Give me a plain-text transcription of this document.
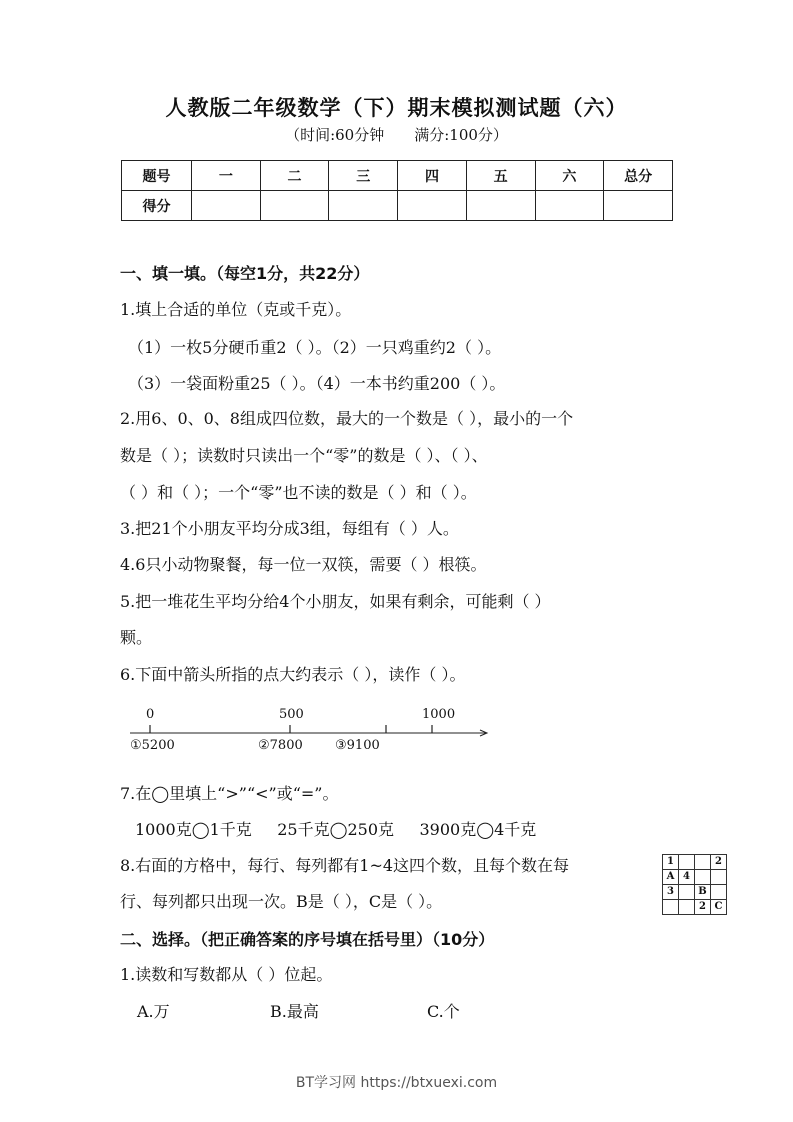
人教版二年级数学（下）期末模拟测试题（六）
（时间:60分钟 满分:100分）
题号	一	二	三	四	五	六	总分
得分							
一、填一填。（每空1分，共22分）
1.填上合适的单位（克或千克）。
（1）一枚5分硬币重2（ ）。（2）一只鸡重约2（ ）。
（3）一袋面粉重25（ ）。（4）一本书约重200（ ）。
2.用6、0、0、8组成四位数，最大的一个数是（ ），最小的一个
数是（ ）；读数时只读出一个“零”的数是（ ）、（ ）、
（ ）和（ ）；一个“零”也不读的数是（ ）和（ ）。
3.把21个小朋友平均分成3组，每组有（ ）人。
4.6只小动物聚餐，每一位一双筷，需要（ ）根筷。
5.把一堆花生平均分给4个小朋友，如果有剩余，可能剩（ ）
颗。
6.下面中箭头所指的点大约表示（ ），读作（ ）。
0	500	1000
①5200	②7800 ③9100
7.在◯里填上“>”“<”或“=”。
1000克◯1千克     25千克◯250克     3900克◯4千克
8.右面的方格中，每行、每列都有1~4这四个数，且每个数在每
行、每列都只出现一次。B是（ ），C是（ ）。
1			2
A	4		
3		B	
		2	C
二、选择。（把正确答案的序号填在括号里）（10分）
1.读数和写数都从（ ）位起。
A.万	B.最高	C.个
BT学习网 https://btxuexi.com
